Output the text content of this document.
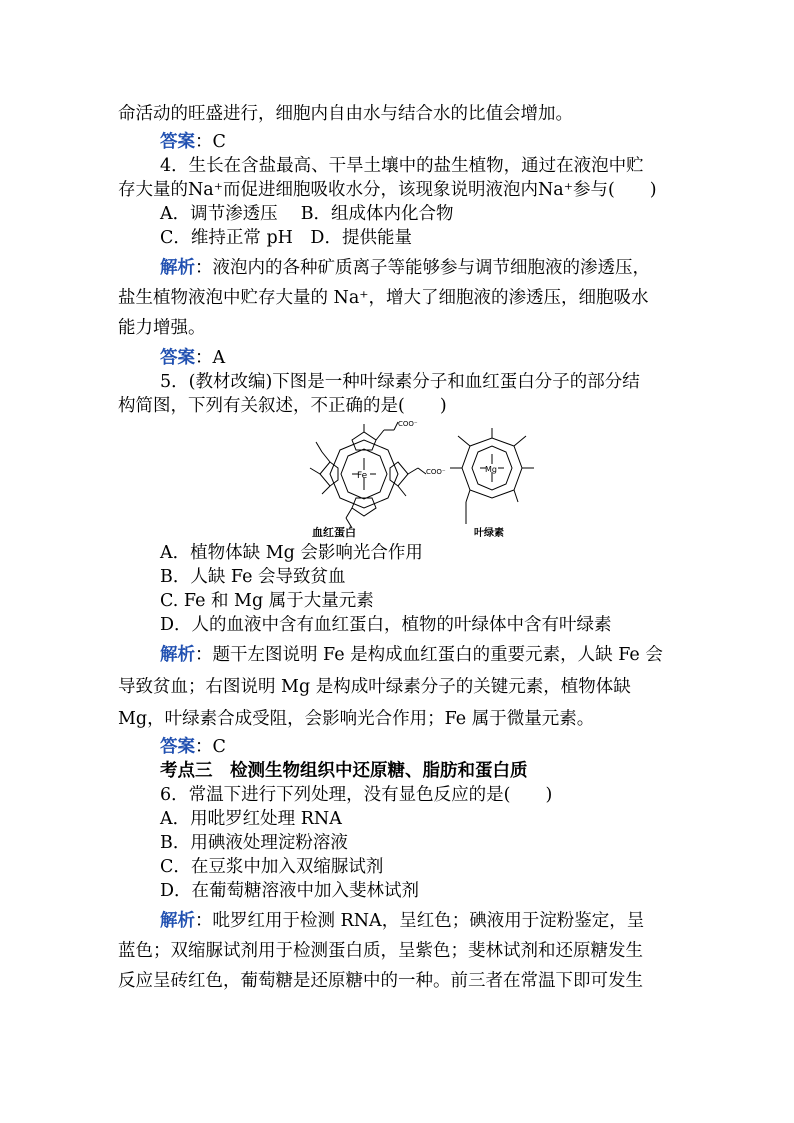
命活动的旺盛进行，细胞内自由水与结合水的比值会增加。
答案：C
4．生长在含盐最高、干旱土壤中的盐生植物，通过在液泡中贮
存大量的Na⁺而促进细胞吸收水分，该现象说明液泡内Na⁺参与(　　)
A．调节渗透压　 B．组成体内化合物
C．维持正常 pH　D．提供能量
解析：液泡内的各种矿质离子等能够参与调节细胞液的渗透压，
盐生植物液泡中贮存大量的 Na⁺，增大了细胞液的渗透压，细胞吸水
能力增强。
答案：A
5．(教材改编)下图是一种叶绿素分子和血红蛋白分子的部分结
构简图，下列有关叙述，不正确的是(　　)
Fe
COO⁻
COO⁻	Mg
血红蛋白	叶绿素
A．植物体缺 Mg 会影响光合作用
B．人缺 Fe 会导致贫血
C. Fe 和 Mg 属于大量元素
D．人的血液中含有血红蛋白，植物的叶绿体中含有叶绿素
解析：题干左图说明 Fe 是构成血红蛋白的重要元素，人缺 Fe 会
导致贫血；右图说明 Mg 是构成叶绿素分子的关键元素，植物体缺
Mg，叶绿素合成受阻，会影响光合作用；Fe 属于微量元素。
答案：C
考点三　检测生物组织中还原糖、脂肪和蛋白质
6．常温下进行下列处理，没有显色反应的是(　　)
A．用吡罗红处理 RNA
B．用碘液处理淀粉溶液
C．在豆浆中加入双缩脲试剂
D．在葡萄糖溶液中加入斐林试剂
解析：吡罗红用于检测 RNA，呈红色；碘液用于淀粉鉴定，呈
蓝色；双缩脲试剂用于检测蛋白质，呈紫色；斐林试剂和还原糖发生
反应呈砖红色，葡萄糖是还原糖中的一种。前三者在常温下即可发生
